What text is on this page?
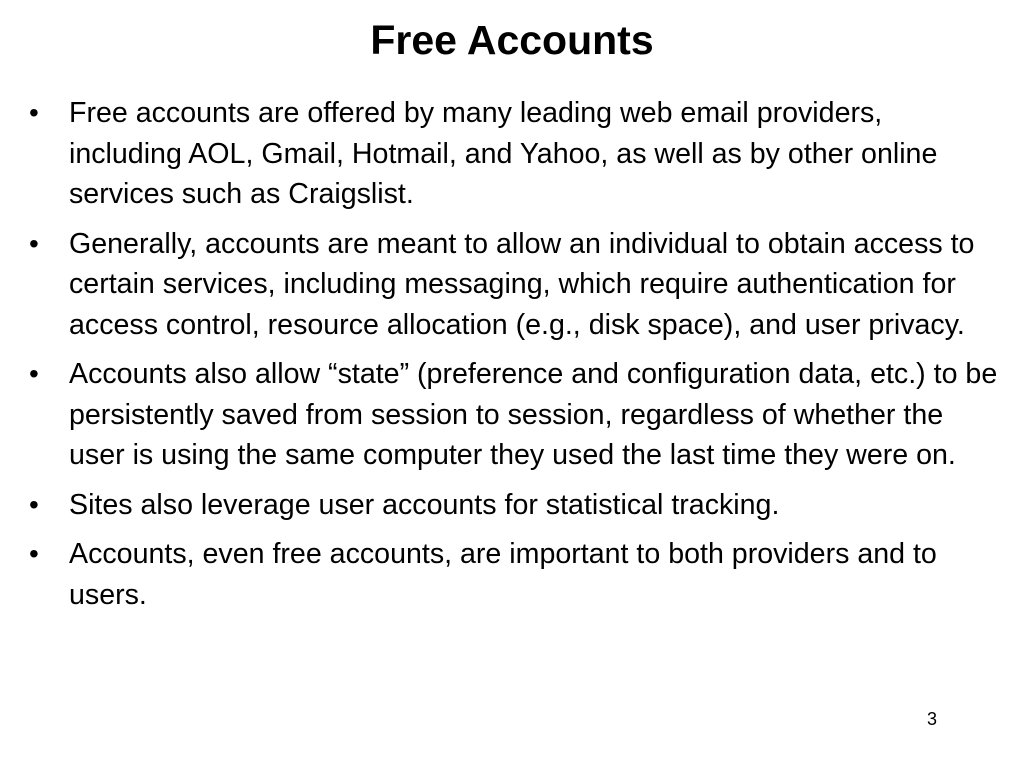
Free Accounts
•	Free accounts are offered by many leading web email providers, including AOL, Gmail, Hotmail, and Yahoo, as well as by other online services such as Craigslist.
•	Generally, accounts are meant to allow an individual to obtain access to certain services, including messaging, which require authentication for access control, resource allocation (e.g., disk space), and user privacy.
•	Accounts also allow “state” (preference and configuration data, etc.) to be persistently saved from session to session, regardless of whether the user is using the same computer they used the last time they were on.
•	Sites also leverage user accounts for statistical tracking.
•	Accounts, even free accounts, are important to both providers and to users.
3
